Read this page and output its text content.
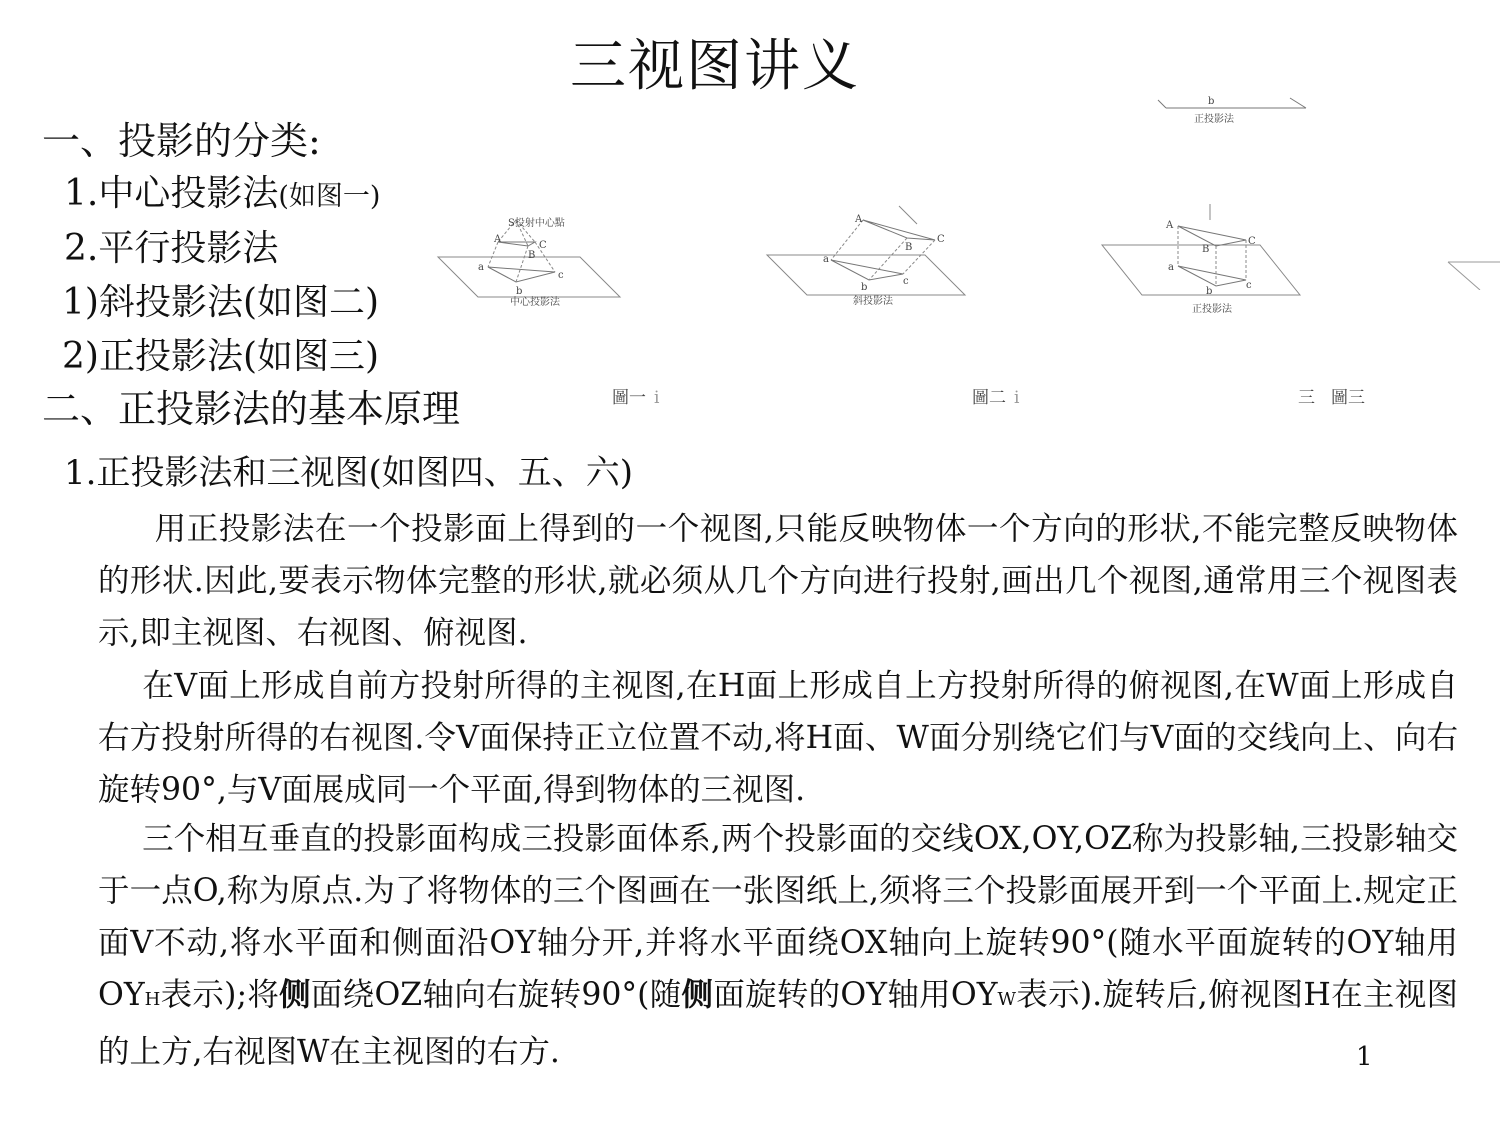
三视图讲义
一、投影的分类:
1.中心投影法(如图一)
2.平行投影法
1)斜投影法(如图二)
2)正投影法(如图三)
二、正投影法的基本原理
1.正投影法和三视图(如图四、五、六)
b
正投影法
S投射中心點
A
B
C
a
b
c
中心投影法
A
B
C
a
b
c
斜投影法
A
B
C
a
b
c
正投影法
圖一 ⅰ	圖二 ⅰ	三 圖三

用正投影法在一个投影面上得到的一个视图,只能反映物体一个方向的形状,不能完整反映物体的形状.因此,要表示物体完整的形状,就必须从几个方向进行投射,画出几个视图,通常用三个视图表示,即主视图、右视图、俯视图.

在V面上形成自前方投射所得的主视图,在H面上形成自上方投射所得的俯视图,在W面上形成自右方投射所得的右视图.令V面保持正立位置不动,将H面、W面分别绕它们与V面的交线向上、向右旋转90°,与V面展成同一个平面,得到物体的三视图.

三个相互垂直的投影面构成三投影面体系,两个投影面的交线OX,OY,OZ称为投影轴,三投影轴交于一点O,称为原点.为了将物体的三个图画在一张图纸上,须将三个投影面展开到一个平面上.规定正面V不动,将水平面和侧面沿OY轴分开,并将水平面绕OX轴向上旋转90°(随水平面旋转的OY轴用OYH表示);将侧面绕OZ轴向右旋转90°(随侧面旋转的OY轴用OYW表示).旋转后,俯视图H在主视图的上方,右视图W在主视图的右方.	1
